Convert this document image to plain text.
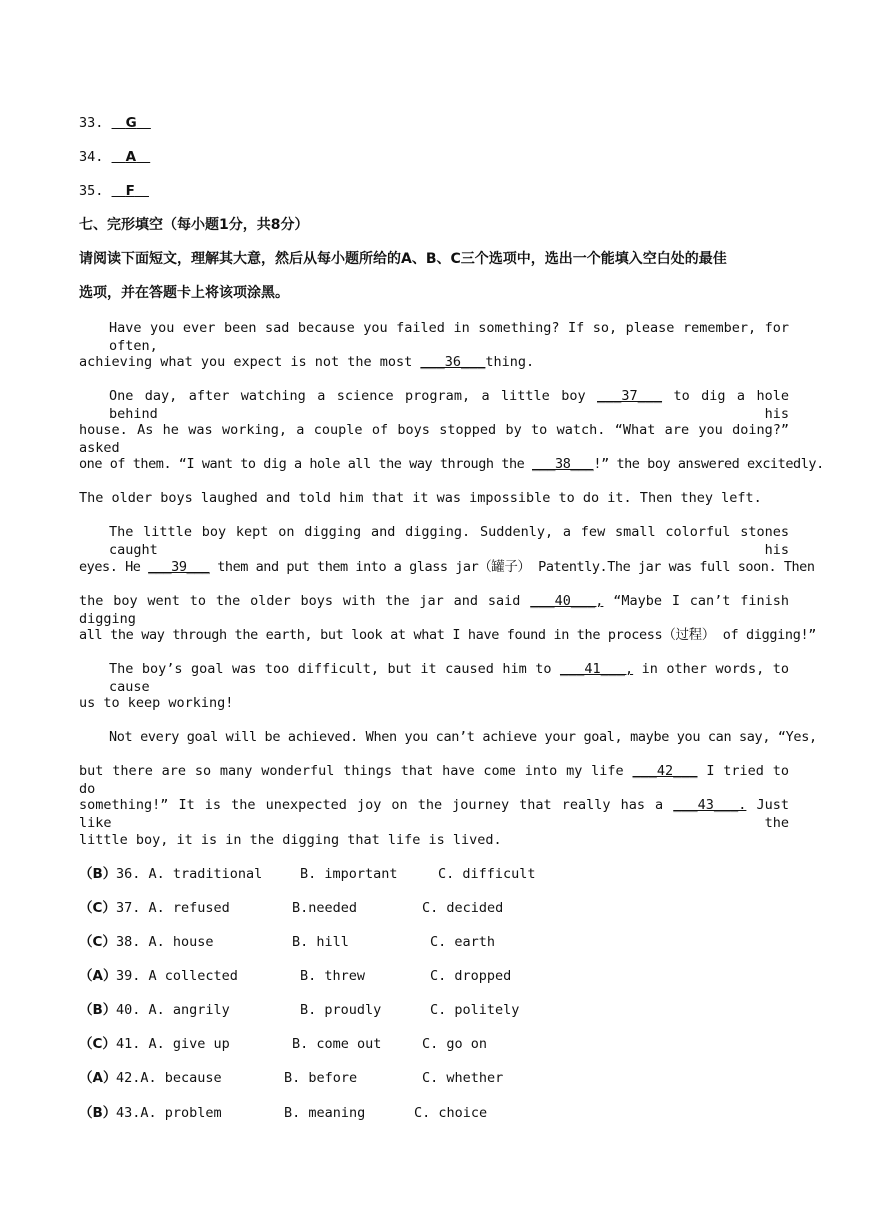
33. G
34. A
35. F
七、完形填空（每小题1分，共8分）
请阅读下面短文，理解其大意，然后从每小题所给的A、B、C三个选项中，选出一个能填入空白处的最佳
选项，并在答题卡上将该项涂黑。
Have you ever been sad because you failed in something? If so, please remember, for often,
achieving what you expect is not the most ___36___thing.
One day, after watching a science program, a little boy ___37___ to dig a hole behind his
house. As he was working, a couple of boys stopped by to watch. “What are you doing?” asked
one of them. “I want to dig a hole all the way through the ___38___!” the boy answered excitedly.
The older boys laughed and told him that it was impossible to do it. Then they left.
The little boy kept on digging and digging. Suddenly, a few small colorful stones caught his
eyes. He ___39___ them and put them into a glass jar（罐子） Patently.The jar was full soon. Then
the boy went to the older boys with the jar and said ___40___, “Maybe I can’t finish digging
all the way through the earth, but look at what I have found in the process（过程） of digging!”
The boy’s goal was too difficult, but it caused him to ___41___, in other words, to cause
us to keep working!
Not every goal will be achieved. When you can’t achieve your goal, maybe you can say, “Yes,
but there are so many wonderful things that have come into my life ___42___ I tried to do
something!” It is the unexpected joy on the journey that really has a ___43___. Just like the
little boy, it is in the digging that life is lived.
（B） 36. A. traditional	B. important	C. difficult
（C） 37. A. refused	B.needed	C. decided
（C） 38. A. house	B. hill	C. earth
（A） 39. A collected	B. threw	C. dropped
（B） 40. A. angrily	B. proudly	C. politely
（C） 41. A. give up	B. come out	C. go on
（A） 42.A. because	B. before	C. whether
（B） 43.A. problem	B. meaning	C. choice
